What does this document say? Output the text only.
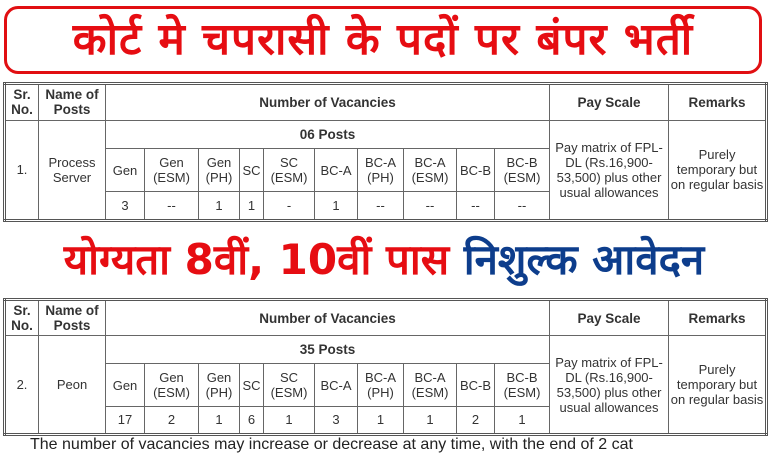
कोर्ट मे चपरासी के पदों पर बंपर भर्ती
Sr. No.	Name of Posts	Number of Vacancies										Pay Scale	Remarks
1.	Process Server	06 Posts										Pay matrix of FPL-DL (Rs.16,900-53,500) plus other usual allowances	Purely temporary but on regular basis
		Gen	Gen (ESM)	Gen (PH)	SC	SC (ESM)	BC-A	BC-A (PH)	BC-A (ESM)	BC-B	BC-B (ESM)		
		3	--	1	1	-	1	--	--	--	--		
योग्यता 8वीं, 10वीं पास
निशुल्क आवेदन
Sr. No.	Name of Posts	Number of Vacancies										Pay Scale	Remarks
2.	Peon	35 Posts										Pay matrix of FPL-DL (Rs.16,900-53,500) plus other usual allowances	Purely temporary but on regular basis
		Gen	Gen (ESM)	Gen (PH)	SC	SC (ESM)	BC-A	BC-A (PH)	BC-A (ESM)	BC-B	BC-B (ESM)		
		17	2	1	6	1	3	1	1	2	1		
The number of vacancies may increase or decrease at any time, with the end of 2 cat
